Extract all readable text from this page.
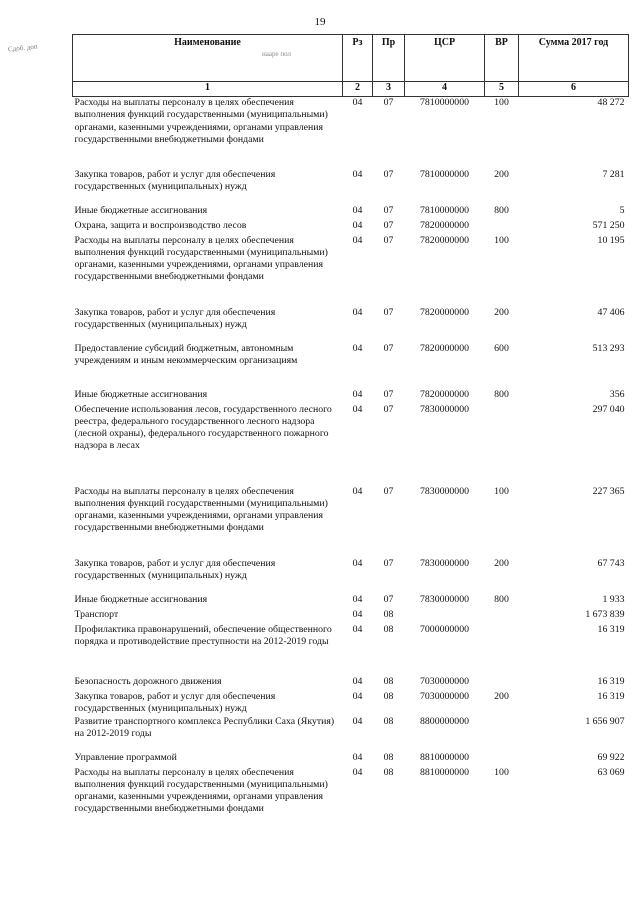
19
Сдоб. доп
нааре пол
Наименование	Рз	Пр	ЦСР	ВР	Сумма 2017 год
1	2	3	4	5	6
Расходы на выплаты персоналу в целях обеспечения выполнения функций государственными (муниципальными) органами, казенными учреждениями, органами управления государственными внебюджетными фондами	04	07	7810000000	100	48 272
Закупка товаров, работ и услуг для обеспечения государственных (муниципальных) нужд	04	07	7810000000	200	7 281
Иные бюджетные ассигнования	04	07	7810000000	800	5
Охрана, защита и воспроизводство лесов	04	07	7820000000		571 250
Расходы на выплаты персоналу в целях обеспечения выполнения функций государственными (муниципальными) органами, казенными учреждениями, органами управления государственными внебюджетными фондами	04	07	7820000000	100	10 195
Закупка товаров, работ и услуг для обеспечения государственных (муниципальных) нужд	04	07	7820000000	200	47 406
Предоставление субсидий бюджетным, автономным учреждениям и иным некоммерческим организациям	04	07	7820000000	600	513 293
Иные бюджетные ассигнования	04	07	7820000000	800	356
Обеспечение использования лесов, государственного лесного реестра, федерального государственного лесного надзора (лесной охраны), федерального государственного пожарного надзора в лесах	04	07	7830000000		297 040
Расходы на выплаты персоналу в целях обеспечения выполнения функций государственными (муниципальными) органами, казенными учреждениями, органами управления государственными внебюджетными фондами	04	07	7830000000	100	227 365
Закупка товаров, работ и услуг для обеспечения государственных (муниципальных) нужд	04	07	7830000000	200	67 743
Иные бюджетные ассигнования	04	07	7830000000	800	1 933
Транспорт	04	08			1 673 839
Профилактика правонарушений, обеспечение общественного порядка и противодействие преступности на 2012-2019 годы	04	08	7000000000		16 319
Безопасность дорожного движения	04	08	7030000000		16 319
Закупка товаров, работ и услуг для обеспечения государственных (муниципальных) нужд	04	08	7030000000	200	16 319
Развитие транспортного комплекса Республики Саха (Якутия) на 2012-2019 годы	04	08	8800000000		1 656 907
Управление программой	04	08	8810000000		69 922
Расходы на выплаты персоналу в целях обеспечения выполнения функций государственными (муниципальными) органами, казенными учреждениями, органами управления государственными внебюджетными фондами	04	08	8810000000	100	63 069
